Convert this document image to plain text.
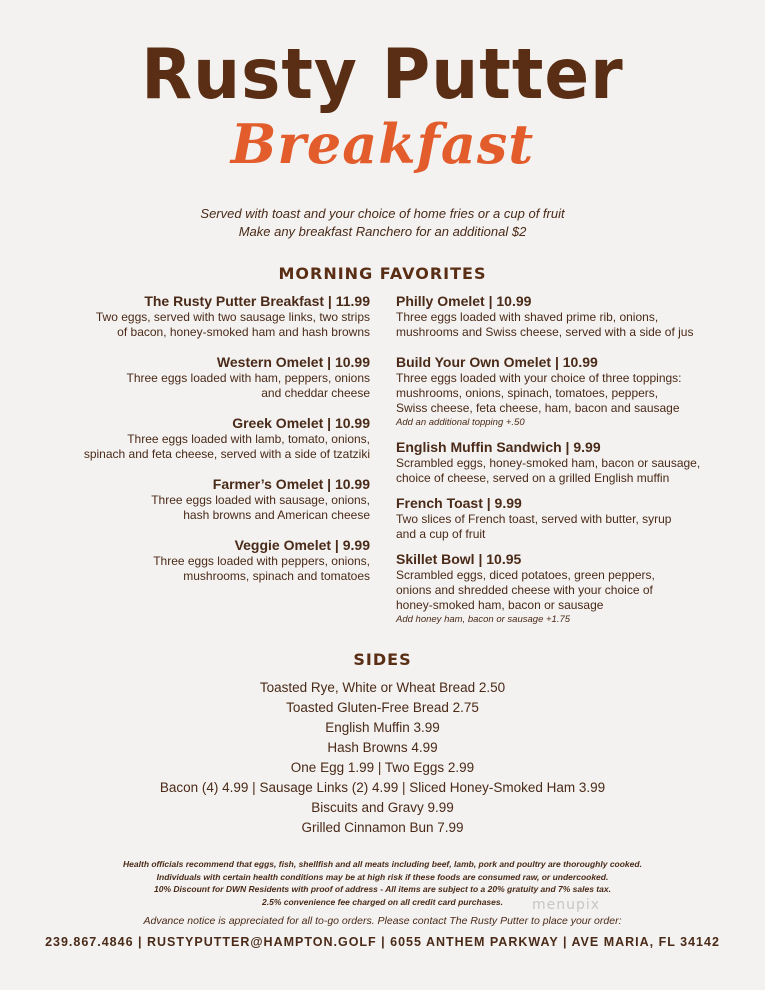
Rusty Putter
Breakfast
Served with toast and your choice of home fries or a cup of fruit
Make any breakfast Ranchero for an additional $2
MORNING FAVORITES
The Rusty Putter Breakfast | 11.99
Two eggs, served with two sausage links, two strips
of bacon, honey-smoked ham and hash browns
Western Omelet | 10.99
Three eggs loaded with ham, peppers, onions
and cheddar cheese
Greek Omelet | 10.99
Three eggs loaded with lamb, tomato, onions,
spinach and feta cheese, served with a side of tzatziki
Farmer’s Omelet | 10.99
Three eggs loaded with sausage, onions,
hash browns and American cheese
Veggie Omelet | 9.99
Three eggs loaded with peppers, onions,
mushrooms, spinach and tomatoes
Philly Omelet | 10.99
Three eggs loaded with shaved prime rib, onions,
mushrooms and Swiss cheese, served with a side of jus
Build Your Own Omelet | 10.99
Three eggs loaded with your choice of three toppings:
mushrooms, onions, spinach, tomatoes, peppers,
Swiss cheese, feta cheese, ham, bacon and sausage
Add an additional topping +.50
English Muffin Sandwich | 9.99
Scrambled eggs, honey-smoked ham, bacon or sausage,
choice of cheese, served on a grilled English muffin
French Toast | 9.99
Two slices of French toast, served with butter, syrup
and a cup of fruit
Skillet Bowl | 10.95
Scrambled eggs, diced potatoes, green peppers,
onions and shredded cheese with your choice of
honey-smoked ham, bacon or sausage
Add honey ham, bacon or sausage +1.75
SIDES
Toasted Rye, White or Wheat Bread 2.50
Toasted Gluten-Free Bread 2.75
English Muffin 3.99
Hash Browns 4.99
One Egg 1.99 | Two Eggs 2.99
Bacon (4) 4.99 | Sausage Links (2) 4.99 | Sliced Honey-Smoked Ham 3.99
Biscuits and Gravy 9.99
Grilled Cinnamon Bun 7.99
Health officials recommend that eggs, fish, shellfish and all meats including beef, lamb, pork and poultry are thoroughly cooked.
Individuals with certain health conditions may be at high risk if these foods are consumed raw, or undercooked.
10% Discount for DWN Residents with proof of address - All items are subject to a 20% gratuity and 7% sales tax.
2.5% convenience fee charged on all credit card purchases.
Advance notice is appreciated for all to-go orders. Please contact The Rusty Putter to place your order:
239.867.4846 | RUSTYPUTTER@HAMPTON.GOLF | 6055 ANTHEM PARKWAY | AVE MARIA, FL 34142
menupix
